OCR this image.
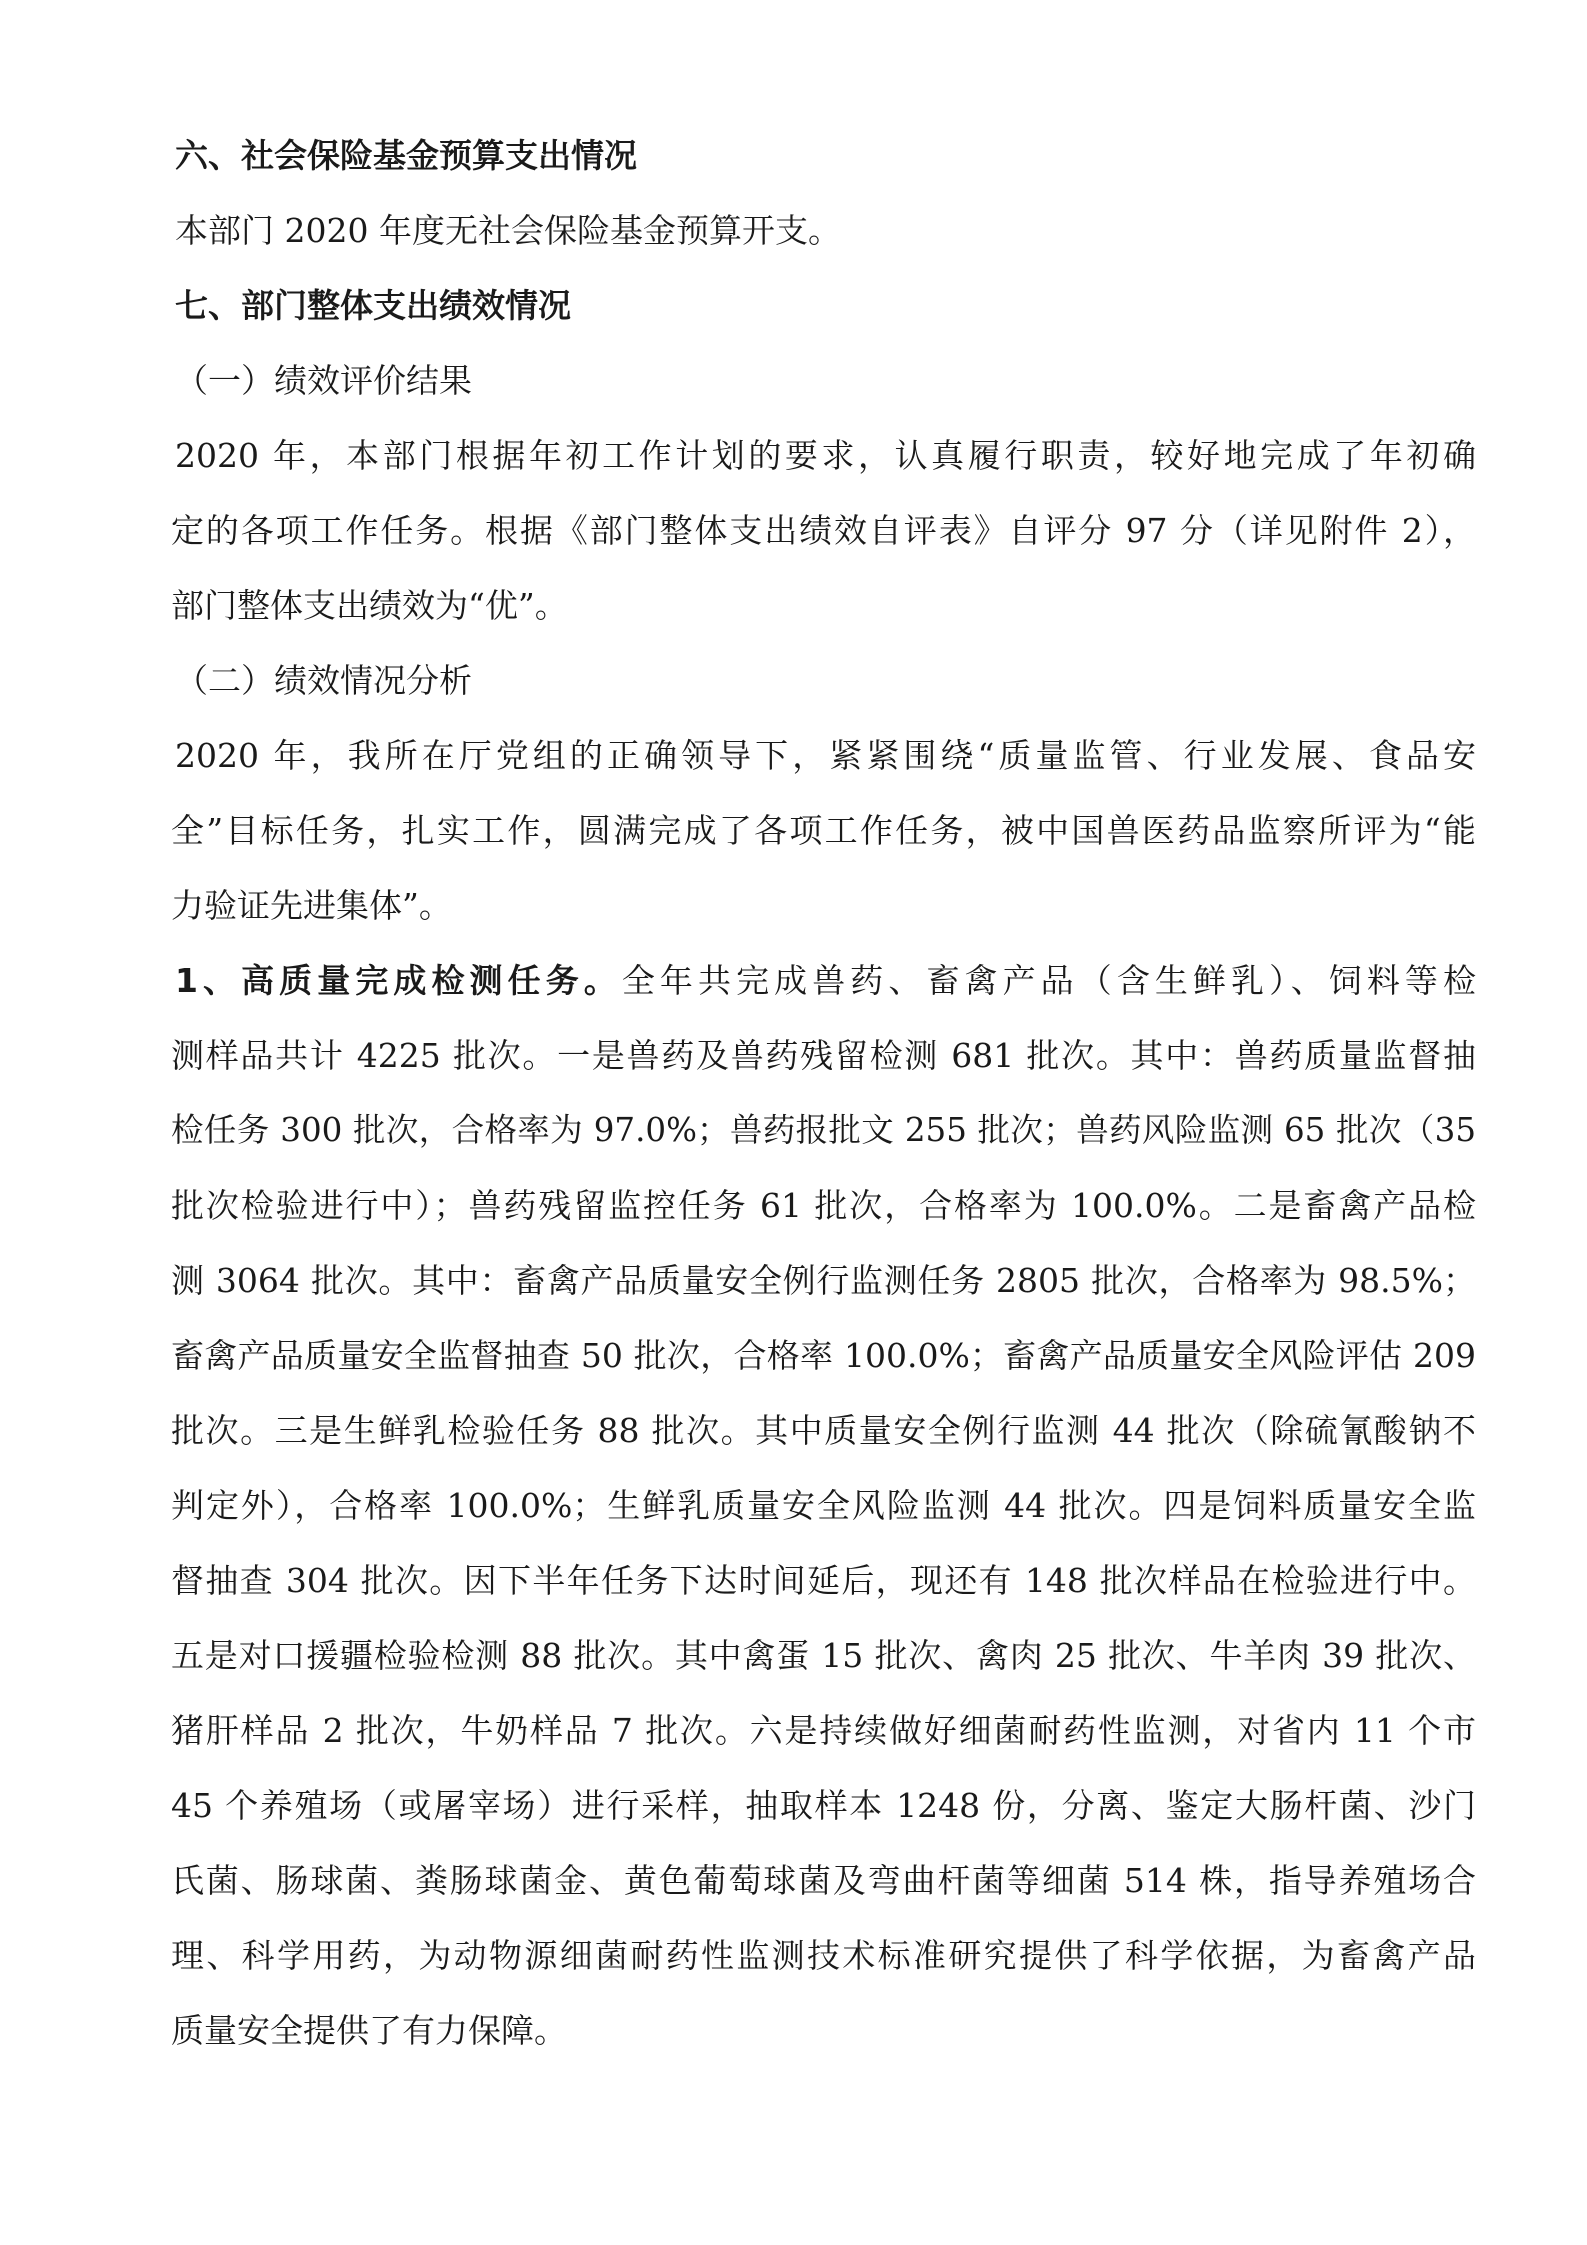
六、社会保险基金预算支出情况
本部门 2020 年度无社会保险基金预算开支。
七、部门整体支出绩效情况
（一）绩效评价结果
2020 年，本部门根据年初工作计划的要求，认真履行职责，较好地完成了年初确
定的各项工作任务。根据《部门整体支出绩效自评表》自评分 97 分（详见附件 2），
部门整体支出绩效为“优”。
（二）绩效情况分析
2020 年，我所在厅党组的正确领导下，紧紧围绕“质量监管、行业发展、食品安
全”目标任务，扎实工作，圆满完成了各项工作任务，被中国兽医药品监察所评为“能
力验证先进集体”。
1、高质量完成检测任务。全年共完成兽药、畜禽产品（含生鲜乳）、饲料等检
测样品共计 4225 批次。一是兽药及兽药残留检测 681 批次。其中：兽药质量监督抽
检任务 300 批次，合格率为 97.0%；兽药报批文 255 批次；兽药风险监测 65 批次（35
批次检验进行中）；兽药残留监控任务 61 批次，合格率为 100.0%。二是畜禽产品检
测 3064 批次。其中：畜禽产品质量安全例行监测任务 2805 批次，合格率为 98.5%；
畜禽产品质量安全监督抽查 50 批次，合格率 100.0%；畜禽产品质量安全风险评估 209
批次。三是生鲜乳检验任务 88 批次。其中质量安全例行监测 44 批次（除硫氰酸钠不
判定外），合格率 100.0%；生鲜乳质量安全风险监测 44 批次。四是饲料质量安全监
督抽查 304 批次。因下半年任务下达时间延后，现还有 148 批次样品在检验进行中。
五是对口援疆检验检测 88 批次。其中禽蛋 15 批次、禽肉 25 批次、牛羊肉 39 批次、
猪肝样品 2 批次，牛奶样品 7 批次。六是持续做好细菌耐药性监测，对省内 11 个市
45 个养殖场（或屠宰场）进行采样，抽取样本 1248 份，分离、鉴定大肠杆菌、沙门
氏菌、肠球菌、粪肠球菌金、黄色葡萄球菌及弯曲杆菌等细菌 514 株，指导养殖场合
理、科学用药，为动物源细菌耐药性监测技术标准研究提供了科学依据，为畜禽产品
质量安全提供了有力保障。
